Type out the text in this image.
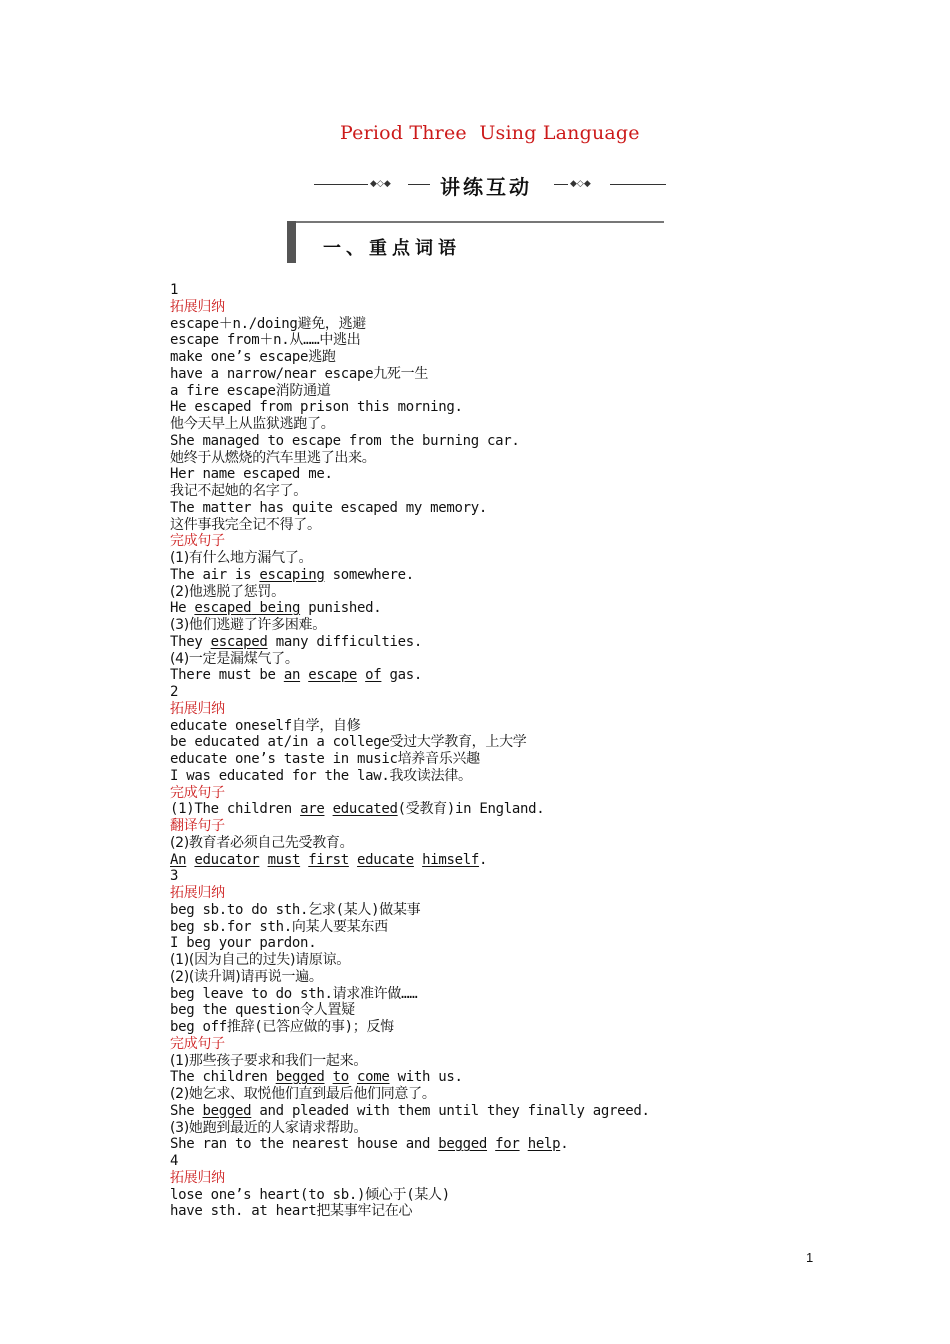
Period Three  Using Language
◆◇◆ 讲练互动	◆◇◆
一、重点词语
1
拓展归纳
escape＋n./doing避免，逃避
escape from＋n.从……中逃出
make one’s escape逃跑
have a narrow/near escape九死一生
a fire escape消防通道
He escaped from prison this morning.
他今天早上从监狱逃跑了。
She managed to escape from the burning car.
她终于从燃烧的汽车里逃了出来。
Her name escaped me.
我记不起她的名字了。
The matter has quite escaped my memory.
这件事我完全记不得了。
完成句子
(1)有什么地方漏气了。
The air is escaping somewhere.
(2)他逃脱了惩罚。
He escaped being punished.
(3)他们逃避了许多困难。
They escaped many difficulties.
(4)一定是漏煤气了。
There must be an escape of gas.
2
拓展归纳
educate oneself自学，自修
be educated at/in a college受过大学教育，上大学
educate one’s taste in music培养音乐兴趣
I was educated for the law.我攻读法律。
完成句子
(1)The children are educated(受教育)in England.
翻译句子
(2)教育者必须自己先受教育。
An educator must first educate himself.
3
拓展归纳
beg sb.to do sth.乞求(某人)做某事
beg sb.for sth.向某人要某东西
I beg your pardon.
(1)(因为自己的过失)请原谅。
(2)(读升调)请再说一遍。
beg leave to do sth.请求准许做……
beg the question令人置疑
beg off推辞(已答应做的事)；反悔
完成句子
(1)那些孩子要求和我们一起来。
The children begged to come with us.
(2)她乞求、取悦他们直到最后他们同意了。
She begged and pleaded with them until they finally agreed.
(3)她跑到最近的人家请求帮助。
She ran to the nearest house and begged for help.
4
拓展归纳
lose one’s heart(to sb.)倾心于(某人)
have sth. at heart把某事牢记在心
1
